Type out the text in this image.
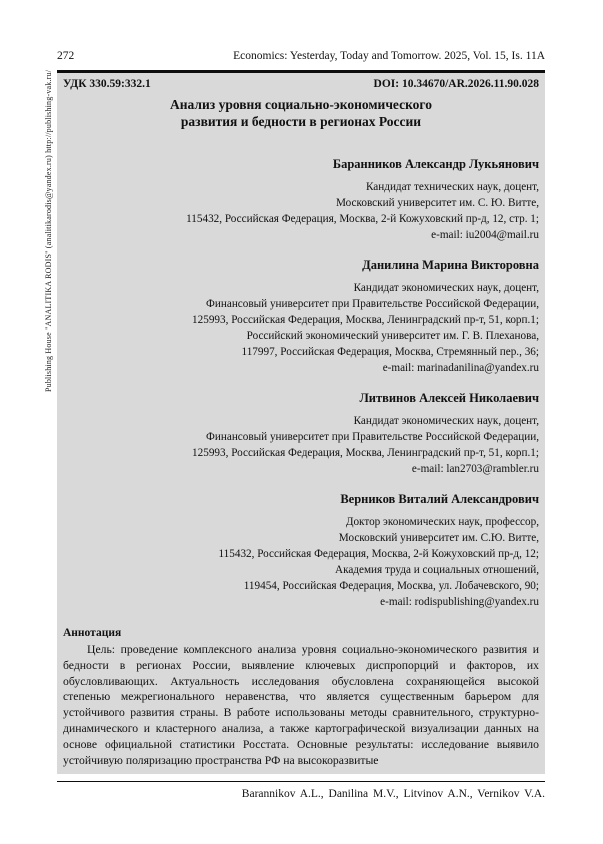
Publishing House "ANALITIKA RODIS" (analitikarodis@yandex.ru) http://publishing-vak.ru/
272	Economics: Yesterday, Today and Tomorrow. 2025, Vol. 15, Is. 11A
УДК 330.59:332.1	DOI: 10.34670/AR.2026.11.90.028
Анализ уровня социально-экономического
развития и бедности в регионах России
Баранников Александр Лукьянович
Кандидат технических наук, доцент,
Московский университет им. С. Ю. Витте,
115432, Российская Федерация, Москва, 2-й Кожуховский пр-д, 12, стр. 1;
e-mail: iu2004@mail.ru
Данилина Марина Викторовна
Кандидат экономических наук, доцент,
Финансовый университет при Правительстве Российской Федерации,
125993, Российская Федерация, Москва, Ленинградский пр-т, 51, корп.1;
Российский экономический университет им. Г. В. Плеханова,
117997, Российская Федерация, Москва, Стремянный пер., 36;
e-mail: marinadanilina@yandex.ru
Литвинов Алексей Николаевич
Кандидат экономических наук, доцент,
Финансовый университет при Правительстве Российской Федерации,
125993, Российская Федерация, Москва, Ленинградский пр-т, 51, корп.1;
e-mail: lan2703@rambler.ru
Верников Виталий Александрович
Доктор экономических наук, профессор,
Московский университет им. С.Ю. Витте,
115432, Российская Федерация, Москва, 2-й Кожуховский пр-д, 12;
Академия труда и социальных отношений,
119454, Российская Федерация, Москва, ул. Лобачевского, 90;
e-mail: rodispublishing@yandex.ru
Аннотация

Цель: проведение комплексного анализа уровня социально-экономического развития и бедности в регионах России, выявление ключевых диспропорций и факторов, их обусловливающих. Актуальность исследования обусловлена сохраняющейся высокой степенью межрегионального неравенства, что является существенным барьером для устойчивого развития страны. В работе использованы методы сравнительного, структурно-динамического и кластерного анализа, а также картографической визуализации данных на основе официальной статистики Росстата. Основные результаты: исследование выявило устойчивую поляризацию пространства РФ на высокоразвитые

Barannikov A.L., Danilina M.V., Litvinov A.N., Vernikov V.A.
